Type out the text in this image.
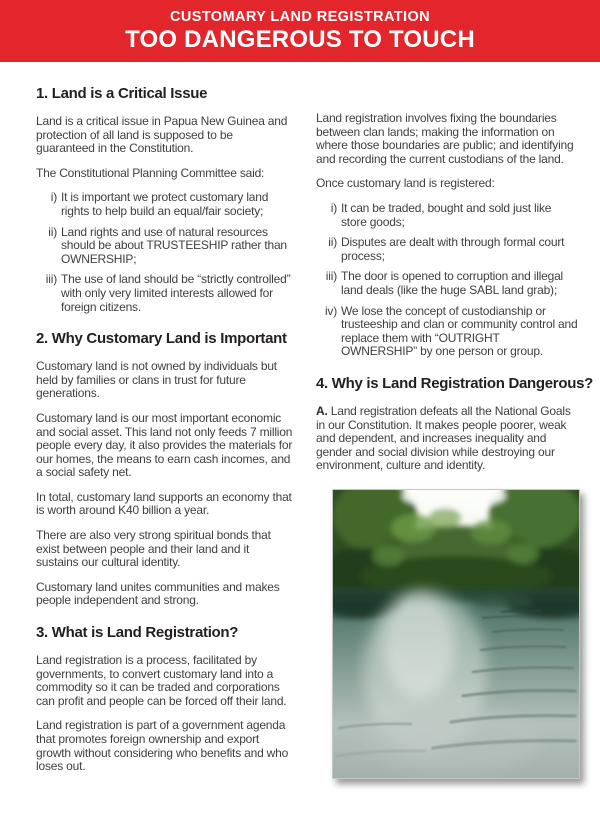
CUSTOMARY LAND REGISTRATION
TOO DANGEROUS TO TOUCH
1. Land is a Critical Issue

Land is a critical issue in Papua New Guinea and protection of all land is supposed to be guaranteed in the Constitution.

The Constitutional Planning Committee said:

i) It is important we protect customary land rights to help build an equal/fair society;
ii) Land rights and use of natural resources should be about TRUSTEESHIP rather than OWNERSHIP;
iii) The use of land should be “strictly controlled” with only very limited interests allowed for foreign citizens.
2. Why Customary Land is Important

Customary land is not owned by individuals but held by families or clans in trust for future generations.

Customary land is our most important economic and social asset. This land not only feeds 7 million people every day, it also provides the materials for our homes, the means to earn cash incomes, and a social safety net.

In total, customary land supports an economy that is worth around K40 billion a year.

There are also very strong spiritual bonds that exist between people and their land and it sustains our cultural identity.

Customary land unites communities and makes people independent and strong.

3. What is Land Registration?

Land registration is a process, facilitated by governments, to convert customary land into a commodity so it can be traded and corporations can profit and people can be forced off their land.

Land registration is part of a government agenda that promotes foreign ownership and export growth without considering who benefits and who loses out.

Land registration involves fixing the boundaries between clan lands; making the information on where those boundaries are public; and identifying and recording the current custodians of the land.

Once customary land is registered:

i) It can be traded, bought and sold just like store goods;
ii) Disputes are dealt with through formal court process;
iii) The door is opened to corruption and illegal land deals (like the huge SABL land grab);
iv) We lose the concept of custodianship or trusteeship and clan or community control and replace them with “OUTRIGHT OWNERSHIP” by one person or group.
4. Why is Land Registration Dangerous?

A. Land registration defeats all the National Goals in our Constitution. It makes people poorer, weak and dependent, and increases inequality and gender and social division while destroying our environment, culture and identity.
